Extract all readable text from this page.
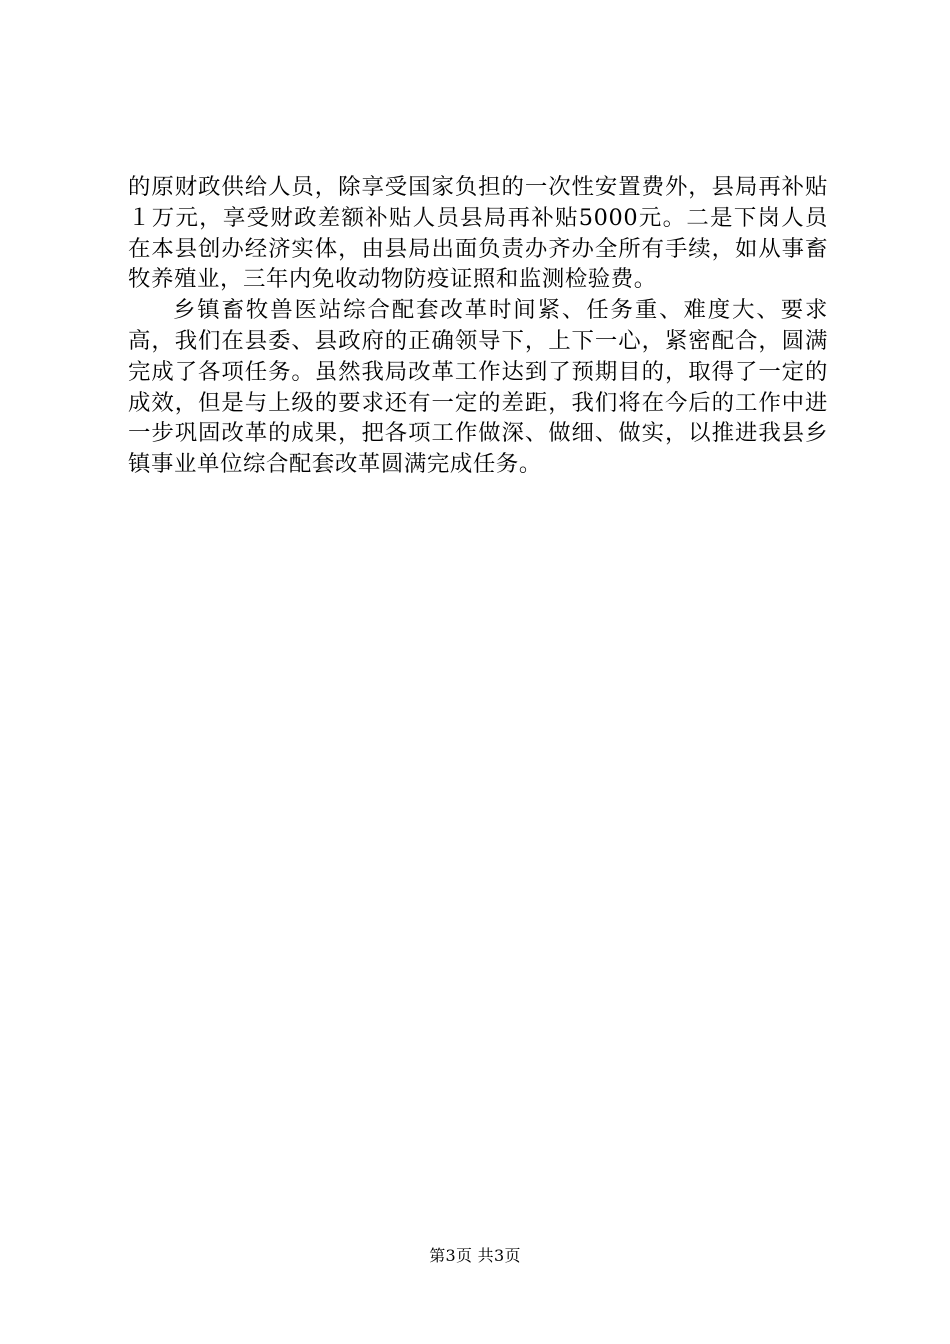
的原财政供给人员，除享受国家负担的一次性安置费外，县局再补贴１万元，享受财政差额补贴人员县局再补贴5000元。二是下岗人员在本县创办经济实体，由县局出面负责办齐办全所有手续，如从事畜牧养殖业，三年内免收动物防疫证照和监测检验费。

乡镇畜牧兽医站综合配套改革时间紧、任务重、难度大、要求高，我们在县委、县政府的正确领导下，上下一心，紧密配合，圆满完成了各项任务。虽然我局改革工作达到了预期目的，取得了一定的成效，但是与上级的要求还有一定的差距，我们将在今后的工作中进一步巩固改革的成果，把各项工作做深、做细、做实，以推进我县乡镇事业单位综合配套改革圆满完成任务。

第3页 共3页
